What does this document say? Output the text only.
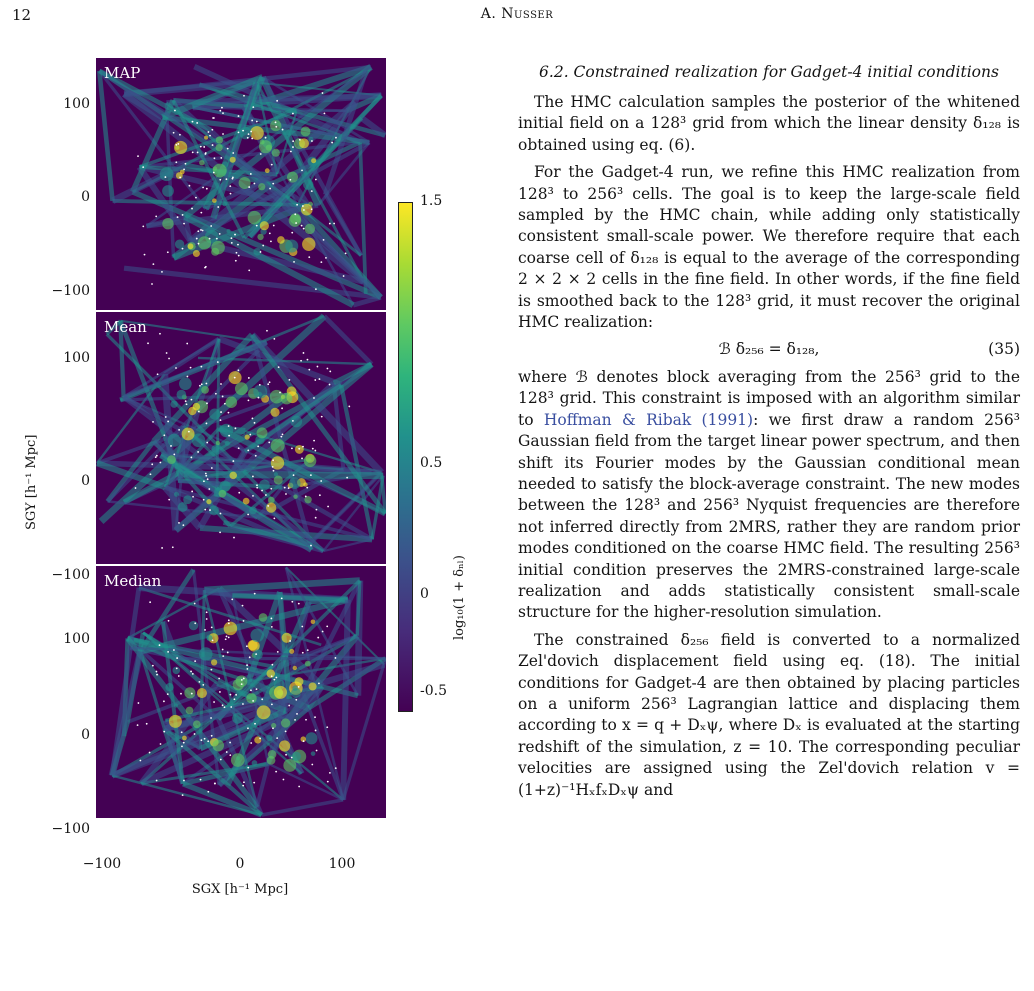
12	A. Nusser
MAP
Mean
Median
100
0
−100
100
0
−100
100
0
−100
−100	0	100
SGY [h⁻¹ Mpc]
SGX [h⁻¹ Mpc]
1.5
0.5
0
-0.5
log₁₀(1 + δₙₗ)
6.2. Constrained realization for Gadget-4 initial conditions

The HMC calculation samples the posterior of the whitened initial field on a 128³ grid from which the linear density δ₁₂₈ is obtained using eq. (6).

For the Gadget-4 run, we refine this HMC realization from 128³ to 256³ cells. The goal is to keep the large-scale field sampled by the HMC chain, while adding only statistically consistent small-scale power. We therefore require that each coarse cell of δ₁₂₈ is equal to the average of the corresponding 2 × 2 × 2 cells in the fine field. In other words, if the fine field is smoothed back to the 128³ grid, it must recover the original HMC realization:

ℬ δ₂₅₆ = δ₁₂₈,	(35)

where ℬ denotes block averaging from the 256³ grid to the 128³ grid. This constraint is imposed with an algorithm similar to Hoffman & Ribak (1991): we first draw a random 256³ Gaussian field from the target linear power spectrum, and then shift its Fourier modes by the Gaussian conditional mean needed to satisfy the block-average constraint. The new modes between the 128³ and 256³ Nyquist frequencies are therefore not inferred directly from 2MRS, rather they are random prior modes conditioned on the coarse HMC field. The resulting 256³ initial condition preserves the 2MRS-constrained large-scale realization and adds statistically consistent small-scale structure for the higher-resolution simulation.

The constrained δ₂₅₆ field is converted to a normalized Zel'dovich displacement field using eq. (18). The initial conditions for Gadget-4 are then obtained by placing particles on a uniform 256³ Lagrangian lattice and displacing them according to x = q + Dₓψ, where Dₓ is evaluated at the starting redshift of the simulation, z = 10. The corresponding peculiar velocities are assigned using the Zel'dovich relation v = (1+z)⁻¹HₓfₓDₓψ and
